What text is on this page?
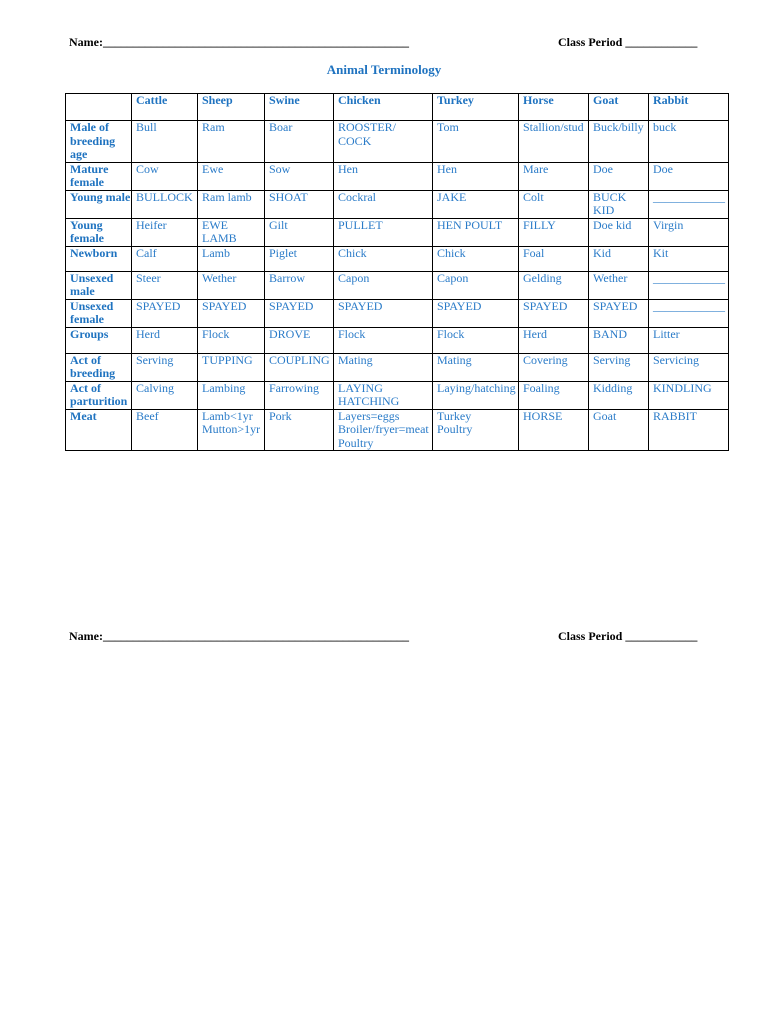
Name:___________________________________________________	Class Period ____________
Animal Terminology
	Cattle	Sheep	Swine	Chicken	Turkey	Horse	Goat	Rabbit
Male of breeding age	Bull	Ram	Boar	ROOSTER/
COCK	Tom	Stallion/stud	Buck/billy	buck

Mature female	Cow	Ewe	Sow	Hen	Hen	Mare	Doe	Doe

Young male	BULLOCK	Ram lamb	SHOAT	Cockral	JAKE	Colt	BUCK
KID	____________

Young female	Heifer	EWE
LAMB	Gilt	PULLET	HEN POULT	FILLY	Doe kid	Virgin

Newborn	Calf	Lamb	Piglet	Chick	Chick	Foal	Kid	Kit

Unsexed male	Steer	Wether	Barrow	Capon	Capon	Gelding	Wether	____________

Unsexed female	SPAYED	SPAYED	SPAYED	SPAYED	SPAYED	SPAYED	SPAYED	____________

Groups	Herd	Flock	DROVE	Flock	Flock	Herd	BAND	Litter

Act of breeding	Serving	TUPPING	COUPLING	Mating	Mating	Covering	Serving	Servicing

Act of parturition	Calving	Lambing	Farrowing	LAYING
HATCHING	Laying/hatching	Foaling	Kidding	KINDLING

Meat	Beef	Lamb<1yr
Mutton>1yr	Pork	Layers=eggs
Broiler/fryer=meat
Poultry	Turkey
Poultry	HORSE	Goat	RABBIT
Name:___________________________________________________	Class Period ____________
